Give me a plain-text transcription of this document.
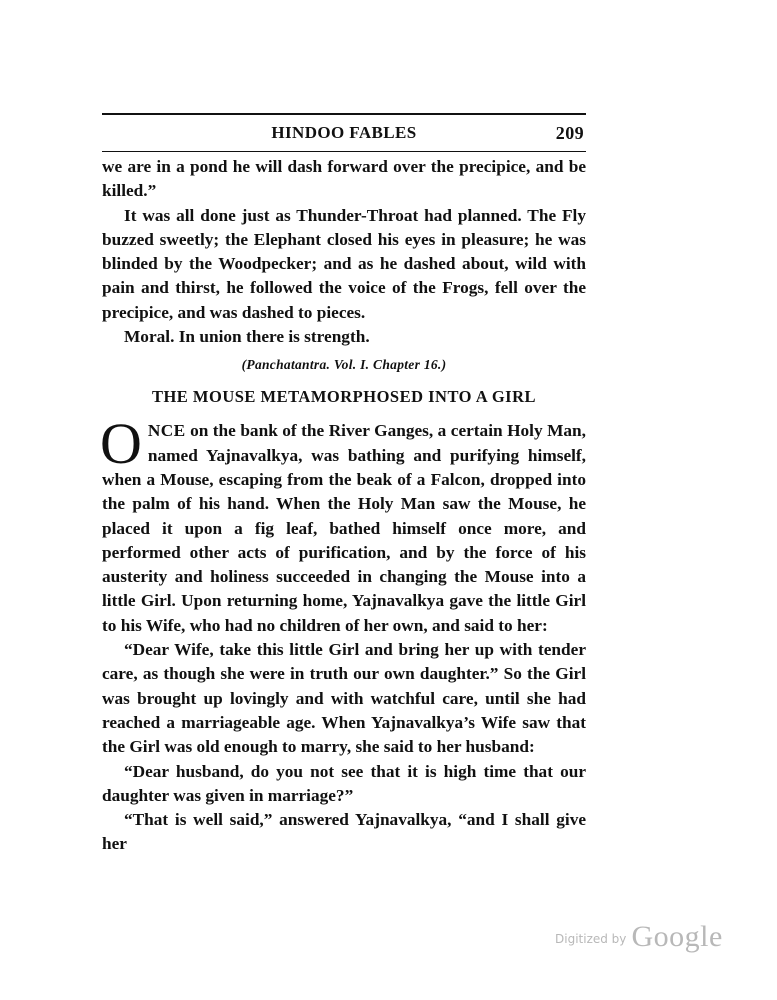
HINDOO FABLES	209

we are in a pond he will dash forward over the precipice, and be killed.”

It was all done just as Thunder-Throat had planned. The Fly buzzed sweetly; the Elephant closed his eyes in pleasure; he was blinded by the Woodpecker; and as he dashed about, wild with pain and thirst, he followed the voice of the Frogs, fell over the precipice, and was dashed to pieces.

Moral. In union there is strength.

(Panchatantra. Vol. I. Chapter 16.)
THE MOUSE METAMORPHOSED INTO A GIRL

ONCE on the bank of the River Ganges, a certain Holy Man, named Yajnavalkya, was bathing and purifying himself, when a Mouse, escaping from the beak of a Falcon, dropped into the palm of his hand. When the Holy Man saw the Mouse, he placed it upon a fig leaf, bathed himself once more, and performed other acts of purification, and by the force of his austerity and holiness succeeded in changing the Mouse into a little Girl. Upon returning home, Yajnavalkya gave the little Girl to his Wife, who had no children of her own, and said to her:

“Dear Wife, take this little Girl and bring her up with tender care, as though she were in truth our own daughter.” So the Girl was brought up lovingly and with watchful care, until she had reached a marriageable age. When Yajnavalkya’s Wife saw that the Girl was old enough to marry, she said to her husband:

“Dear husband, do you not see that it is high time that our daughter was given in marriage?”

“That is well said,” answered Yajnavalkya, “and I shall give her

Digitized by Google
